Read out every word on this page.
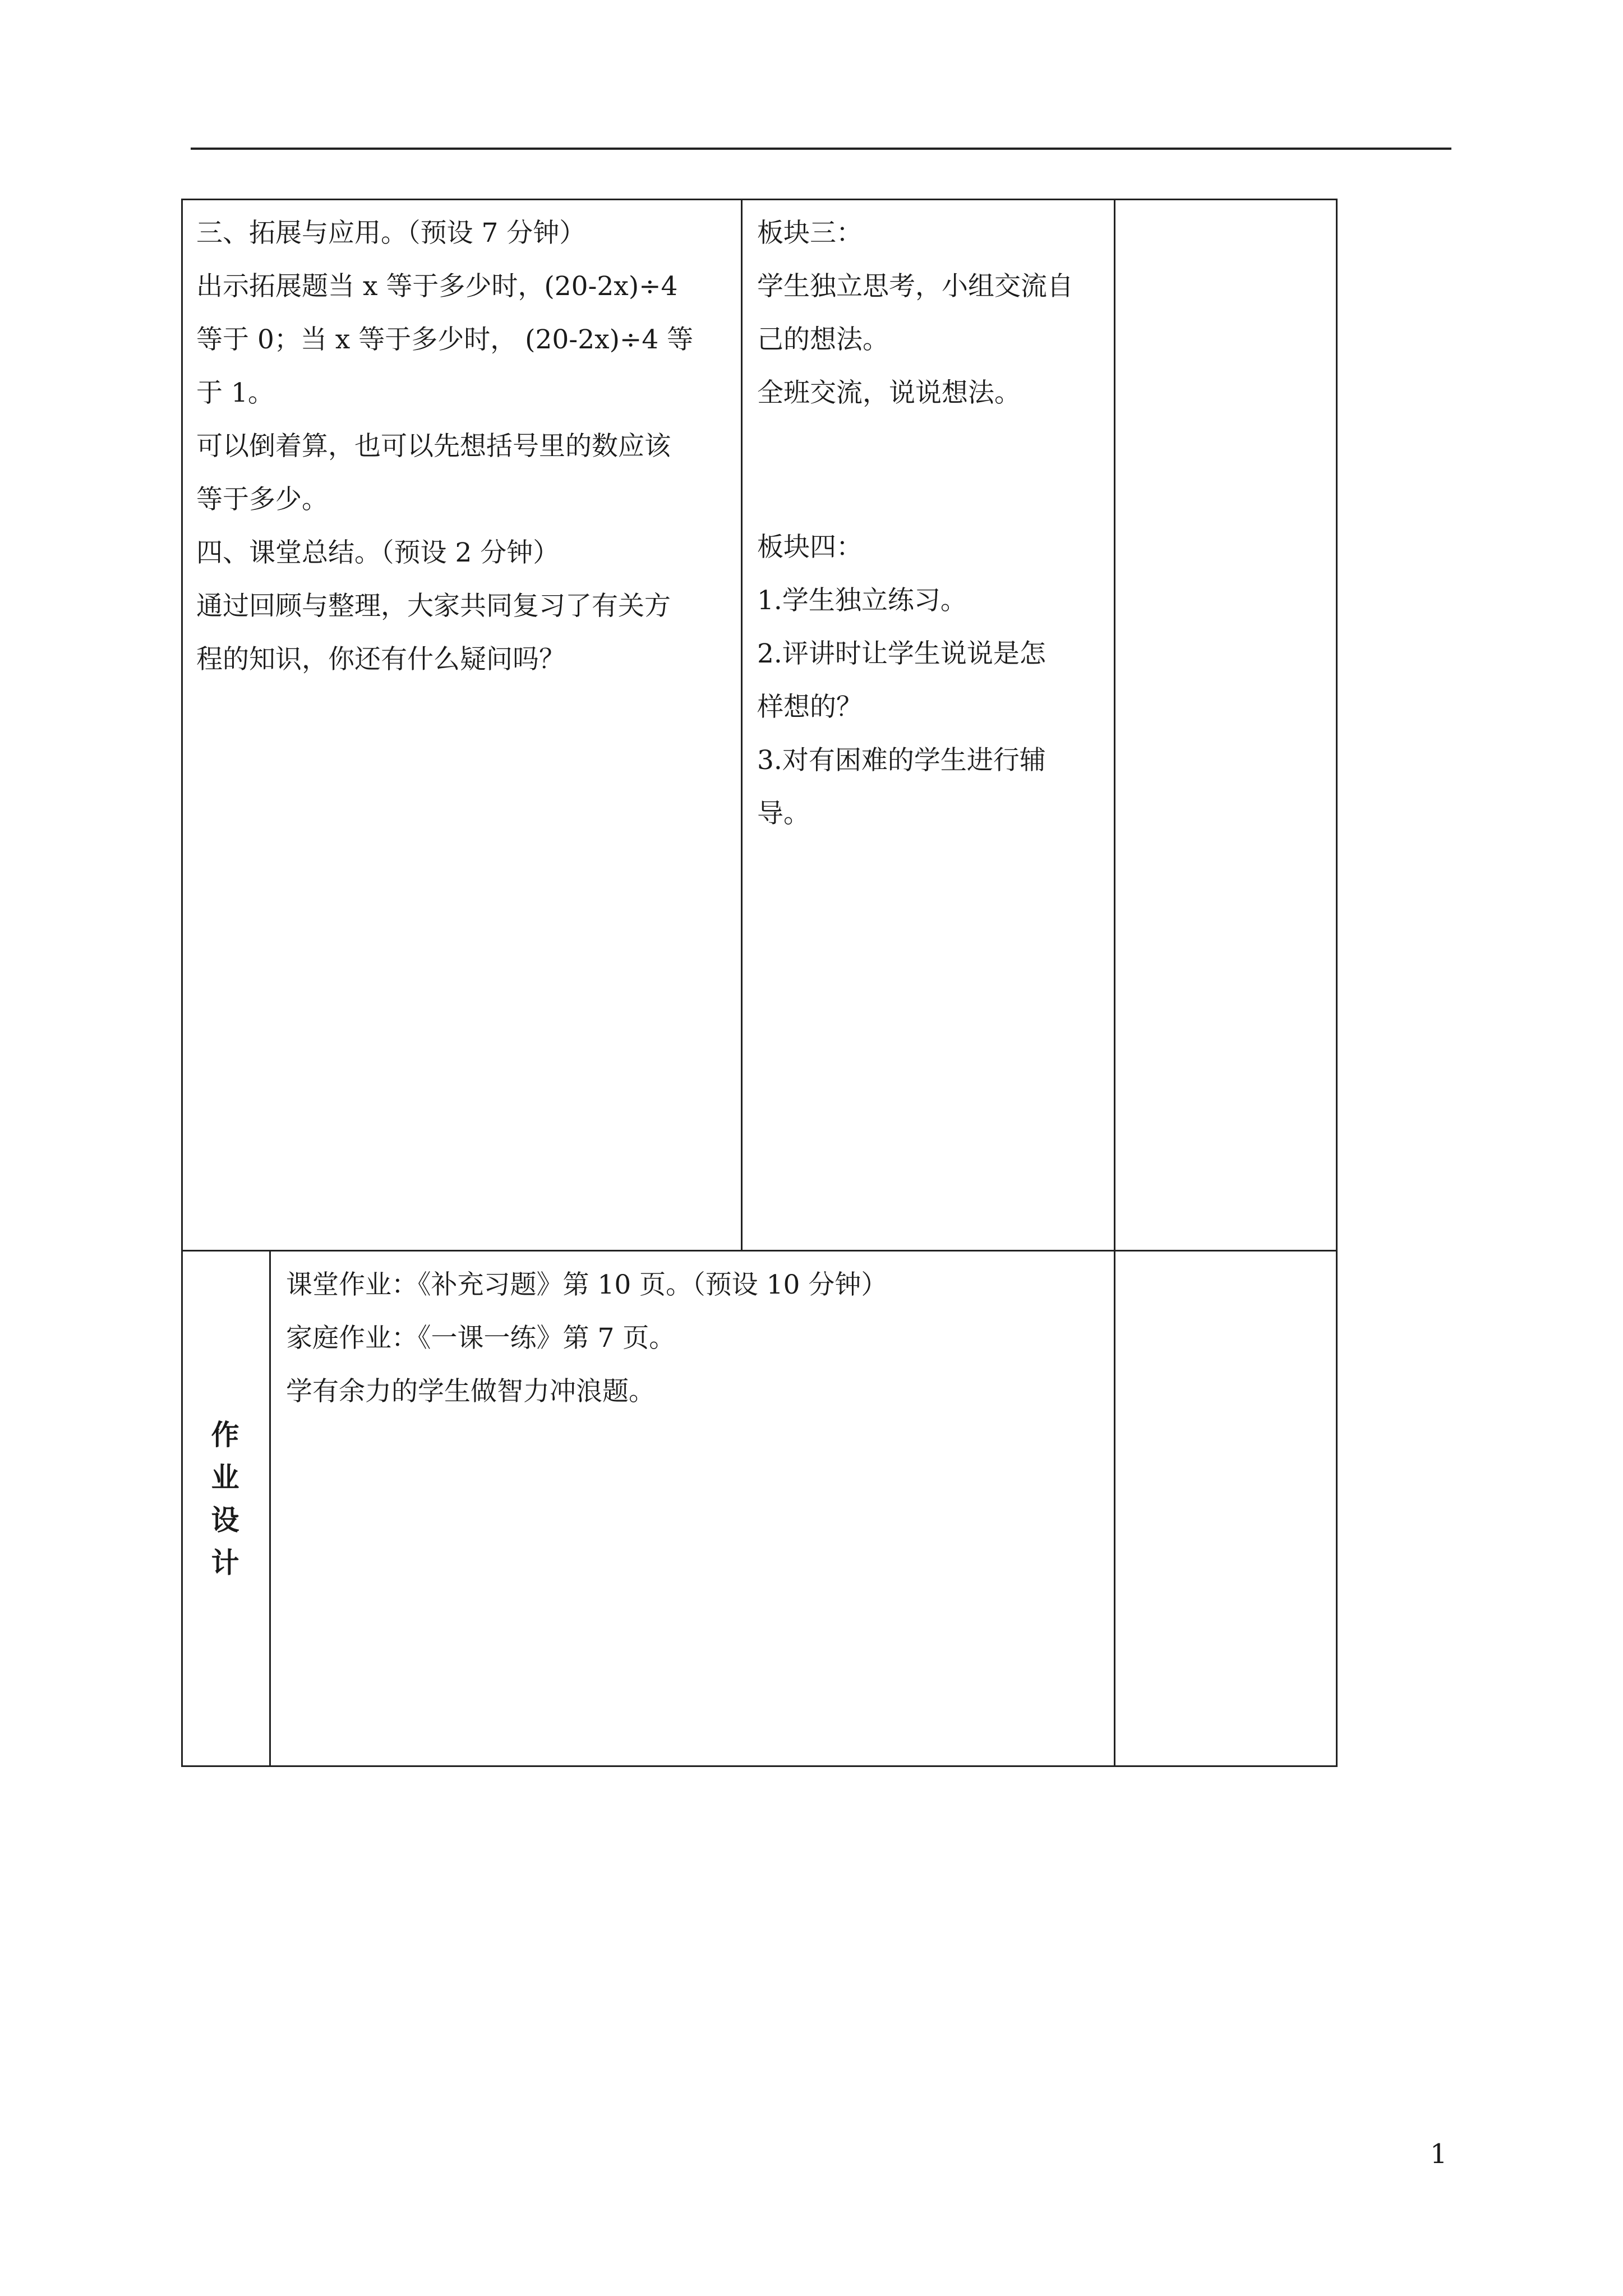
三、拓展与应用。（预设 7 分钟）

出示拓展题当 x 等于多少时，(20-2x)÷4

等于 0；当 x 等于多少时， (20-2x)÷4 等

于 1。

可以倒着算，也可以先想括号里的数应该

等于多少。

四、课堂总结。（预设 2 分钟）

通过回顾与整理，大家共同复习了有关方

程的知识，你还有什么疑问吗？

板块三：

学生独立思考，小组交流自

己的想法。

全班交流，说说想法。

板块四：

1.学生独立练习。

2.评讲时让学生说说是怎

样想的？

3.对有困难的学生进行辅

导。

作
业
设
计

课堂作业：《补充习题》第 10 页。（预设 10 分钟）

家庭作业：《一课一练》第 7 页。

学有余力的学生做智力冲浪题。

1
